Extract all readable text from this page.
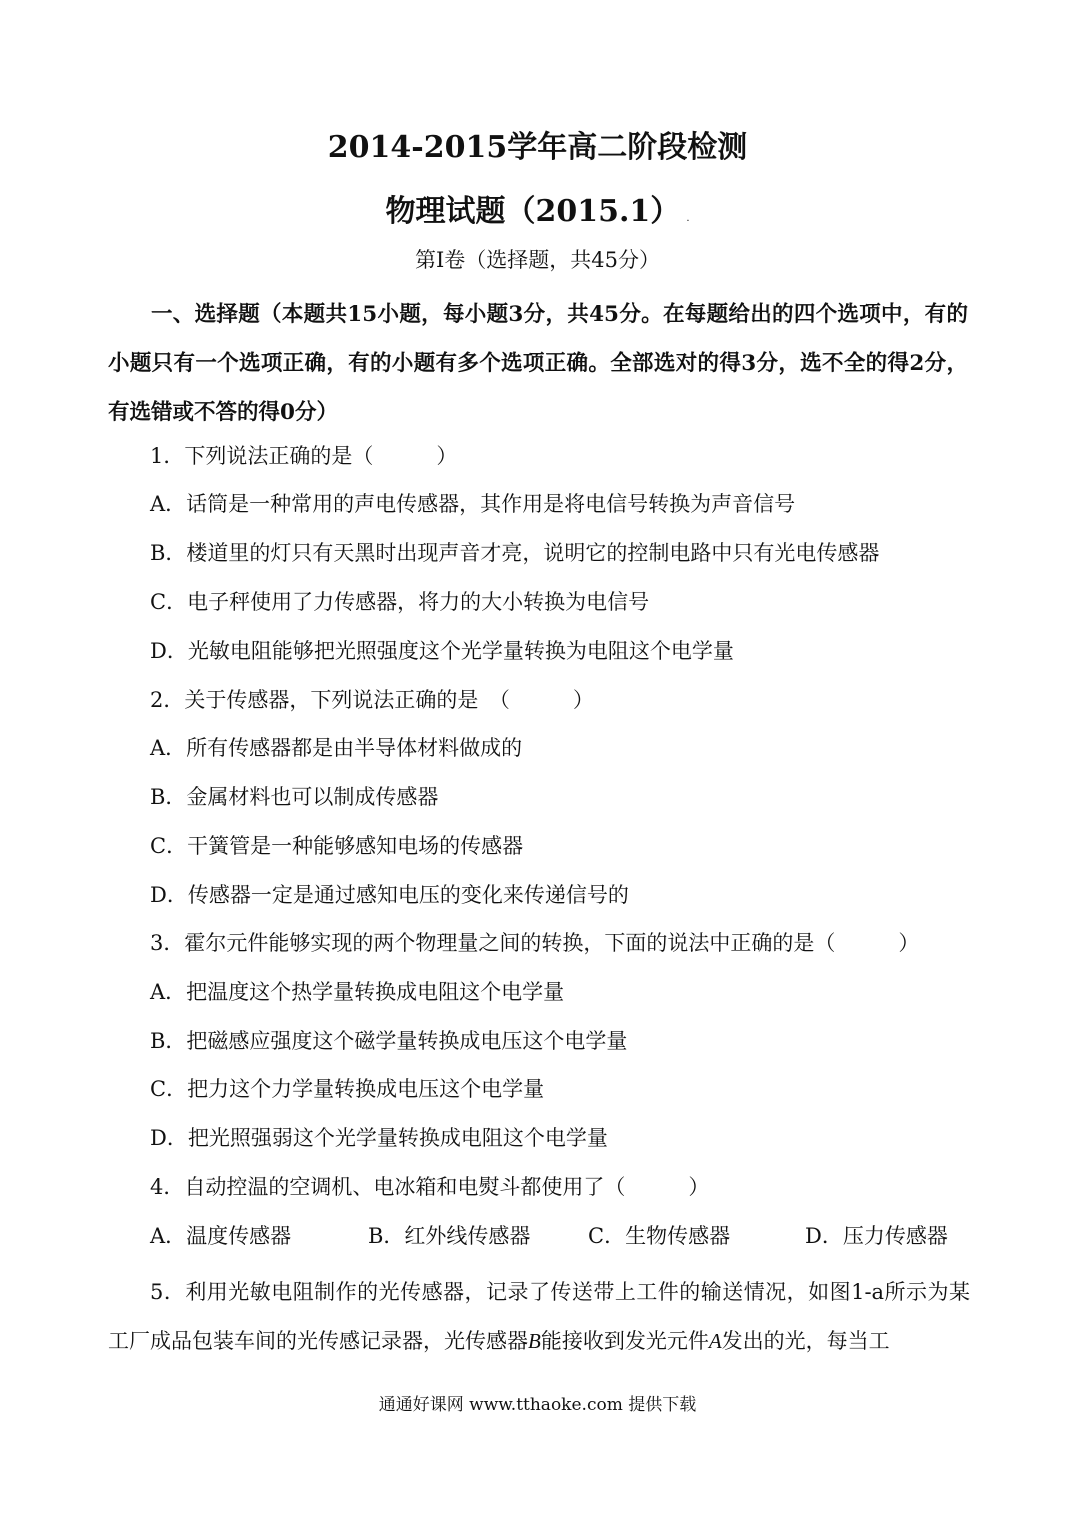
2014-2015学年高二阶段检测
物理试题（2015.1） .
第Ⅰ卷（选择题，共45分）
一、选择题（本题共15小题，每小题3分，共45分。在每题给出的四个选项中，有的小题只有一个选项正确，有的小题有多个选项正确。全部选对的得3分，选不全的得2分，有选错或不答的得0分）
1．下列说法正确的是（　　　）
A．话筒是一种常用的声电传感器，其作用是将电信号转换为声音信号
B．楼道里的灯只有天黑时出现声音才亮，说明它的控制电路中只有光电传感器
C．电子秤使用了力传感器，将力的大小转换为电信号
D．光敏电阻能够把光照强度这个光学量转换为电阻这个电学量
2．关于传感器，下列说法正确的是　（　　　）
A．所有传感器都是由半导体材料做成的
B．金属材料也可以制成传感器
C．干簧管是一种能够感知电场的传感器
D．传感器一定是通过感知电压的变化来传递信号的
3．霍尔元件能够实现的两个物理量之间的转换，下面的说法中正确的是（　　　）
A．把温度这个热学量转换成电阻这个电学量
B．把磁感应强度这个磁学量转换成电压这个电学量
C．把力这个力学量转换成电压这个电学量
D．把光照强弱这个光学量转换成电阻这个电学量
4．自动控温的空调机、电冰箱和电熨斗都使用了（　　　）
A．温度传感器	B．红外线传感器	C．生物传感器	D．压力传感器
5．利用光敏电阻制作的光传感器，记录了传送带上工件的输送情况，如图1-a所示为某工厂成品包装车间的光传感记录器，光传感器B能接收到发光元件A发出的光，每当工
通通好课网 www.tthaoke.com 提供下载
